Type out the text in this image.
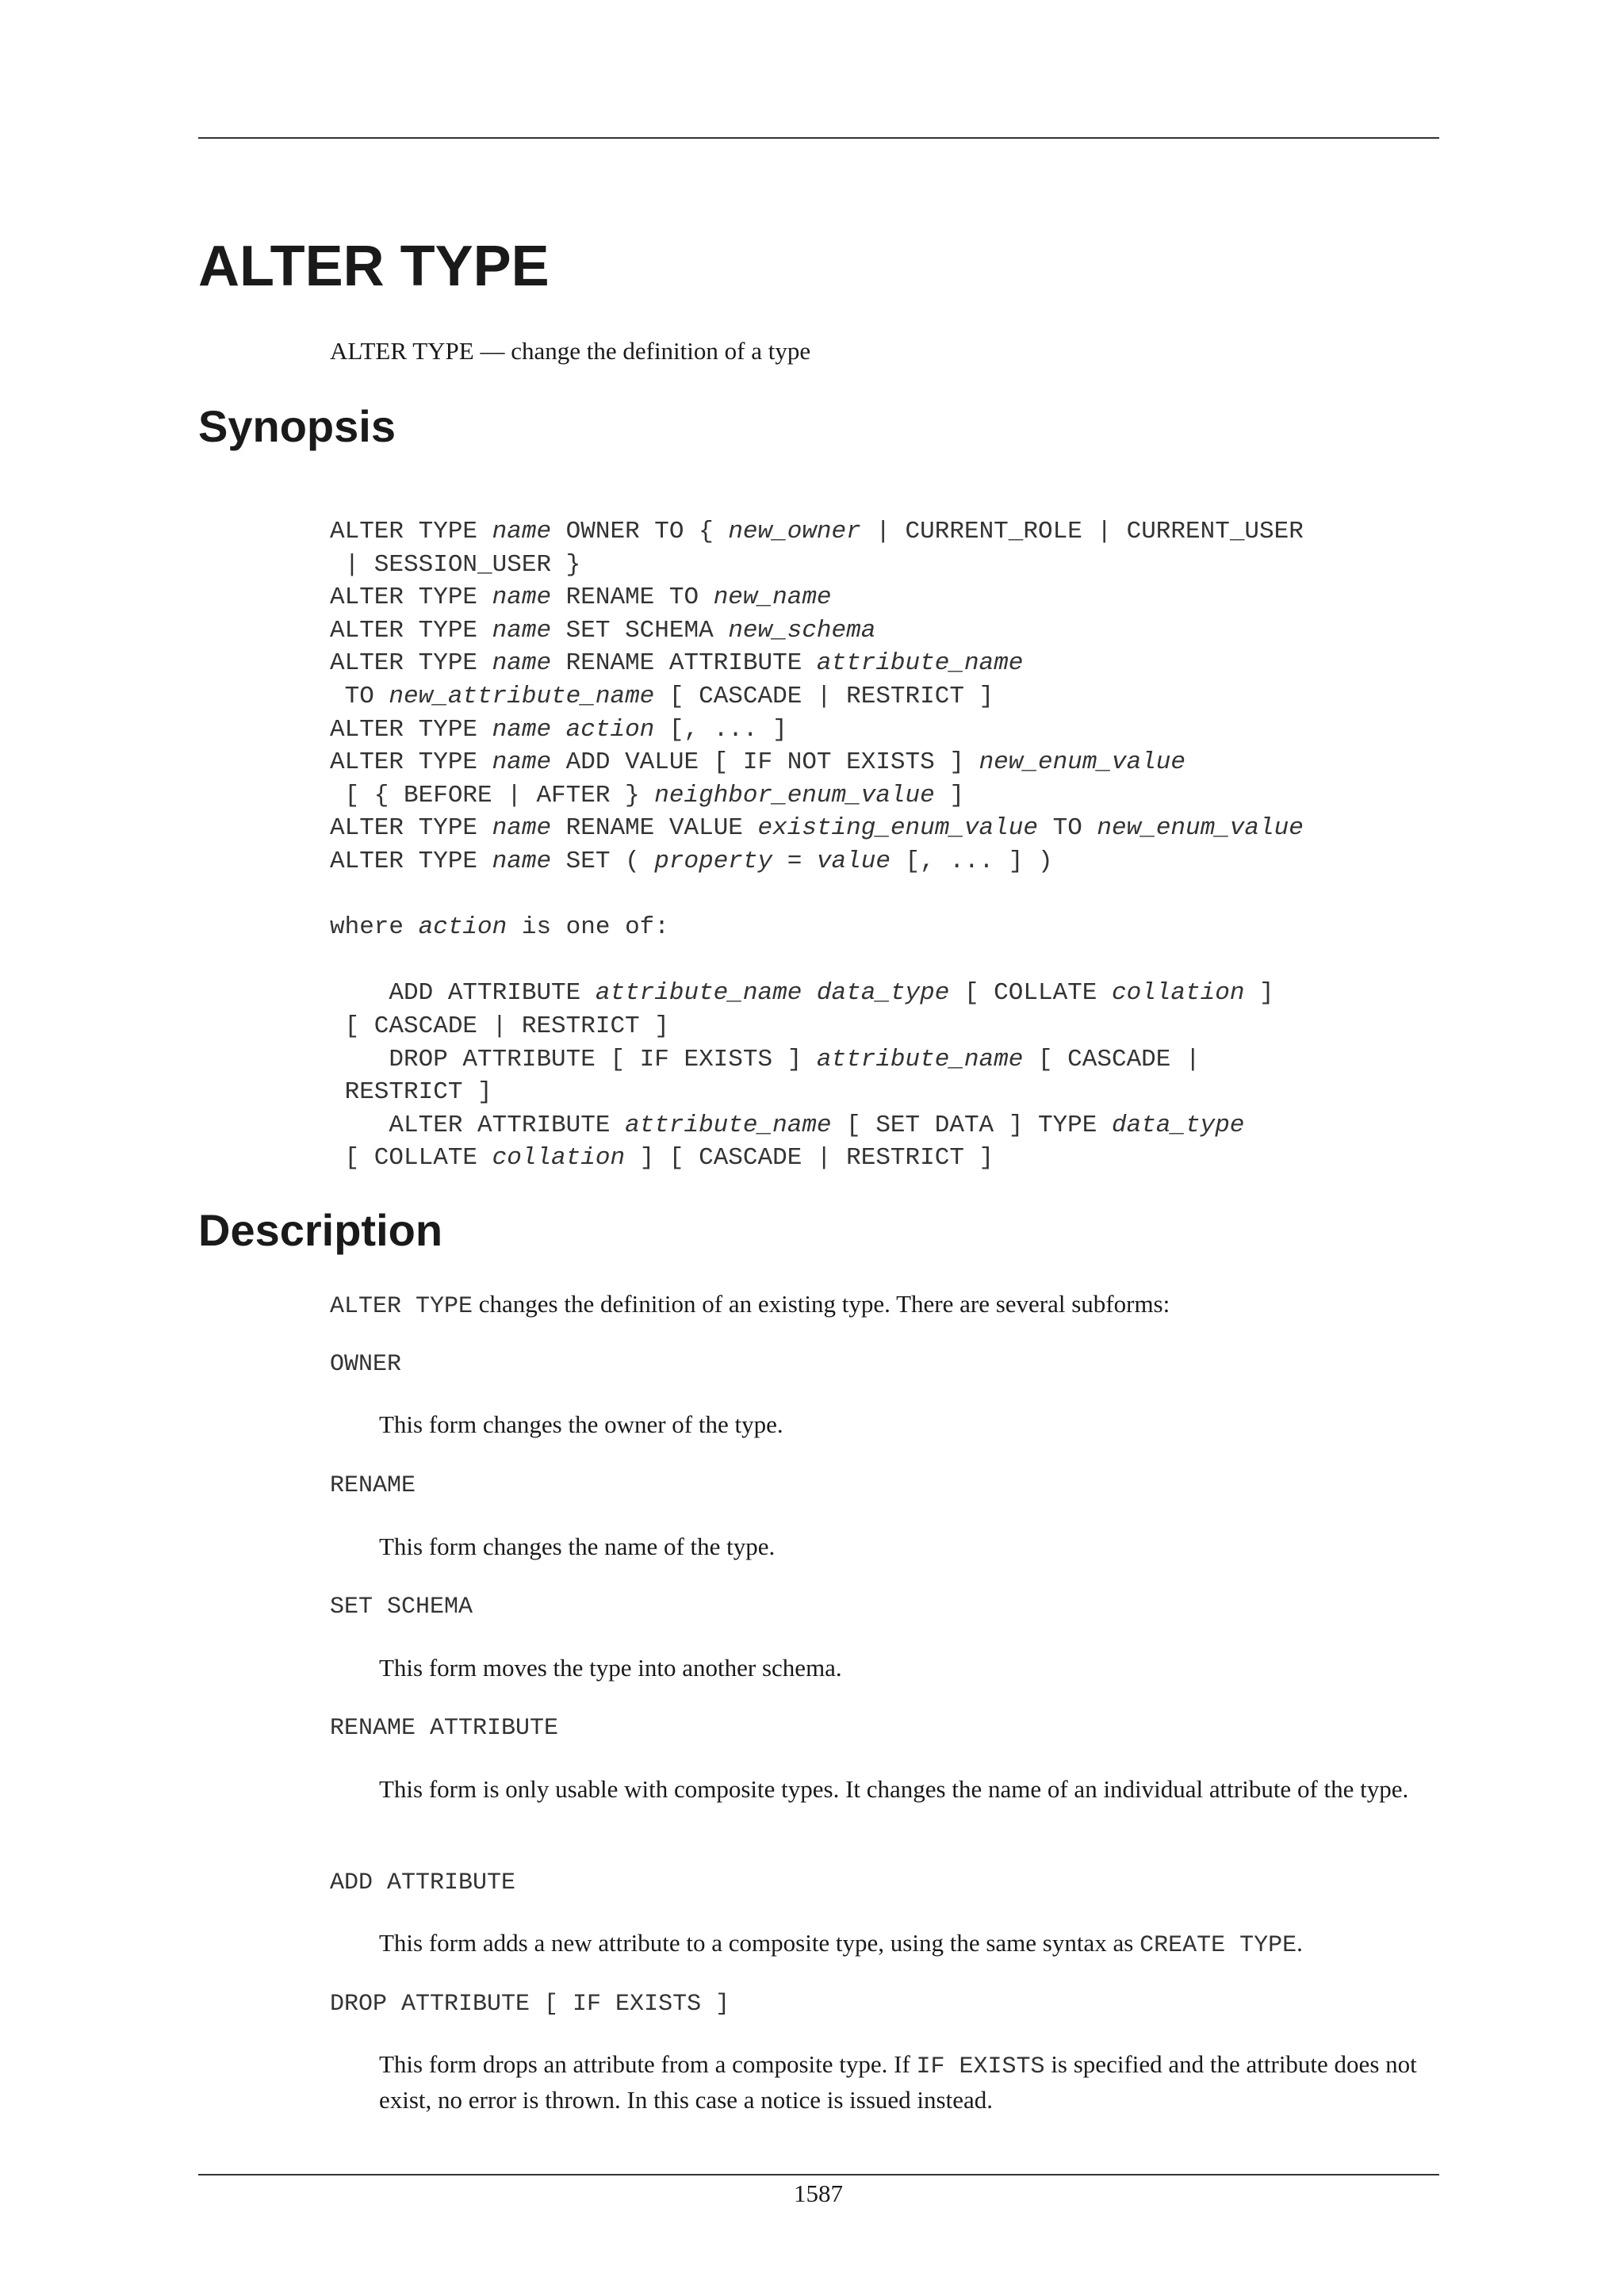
ALTER TYPE
ALTER TYPE — change the definition of a type
Synopsis
ALTER TYPE name OWNER TO { new_owner | CURRENT_ROLE | CURRENT_USER
| SESSION_USER }
ALTER TYPE name RENAME TO new_name
ALTER TYPE name SET SCHEMA new_schema
ALTER TYPE name RENAME ATTRIBUTE attribute_name
TO new_attribute_name [ CASCADE | RESTRICT ]
ALTER TYPE name action [, ... ]
ALTER TYPE name ADD VALUE [ IF NOT EXISTS ] new_enum_value
[ { BEFORE | AFTER } neighbor_enum_value ]
ALTER TYPE name RENAME VALUE existing_enum_value TO new_enum_value
ALTER TYPE name SET ( property = value [, ... ] )

where action is one of:

ADD ATTRIBUTE attribute_name data_type [ COLLATE collation ]
[ CASCADE | RESTRICT ]
DROP ATTRIBUTE [ IF EXISTS ] attribute_name [ CASCADE |
RESTRICT ]
ALTER ATTRIBUTE attribute_name [ SET DATA ] TYPE data_type
[ COLLATE collation ] [ CASCADE | RESTRICT ]
Description
ALTER TYPE changes the definition of an existing type. There are several subforms:
OWNER
This form changes the owner of the type.
RENAME
This form changes the name of the type.
SET SCHEMA
This form moves the type into another schema.
RENAME ATTRIBUTE
This form is only usable with composite types. It changes the name of an individual attribute of the type.
ADD ATTRIBUTE
This form adds a new attribute to a composite type, using the same syntax as CREATE TYPE.
DROP ATTRIBUTE [ IF EXISTS ]
This form drops an attribute from a composite type. If IF EXISTS is specified and the attribute does not exist, no error is thrown. In this case a notice is issued instead.
1587
